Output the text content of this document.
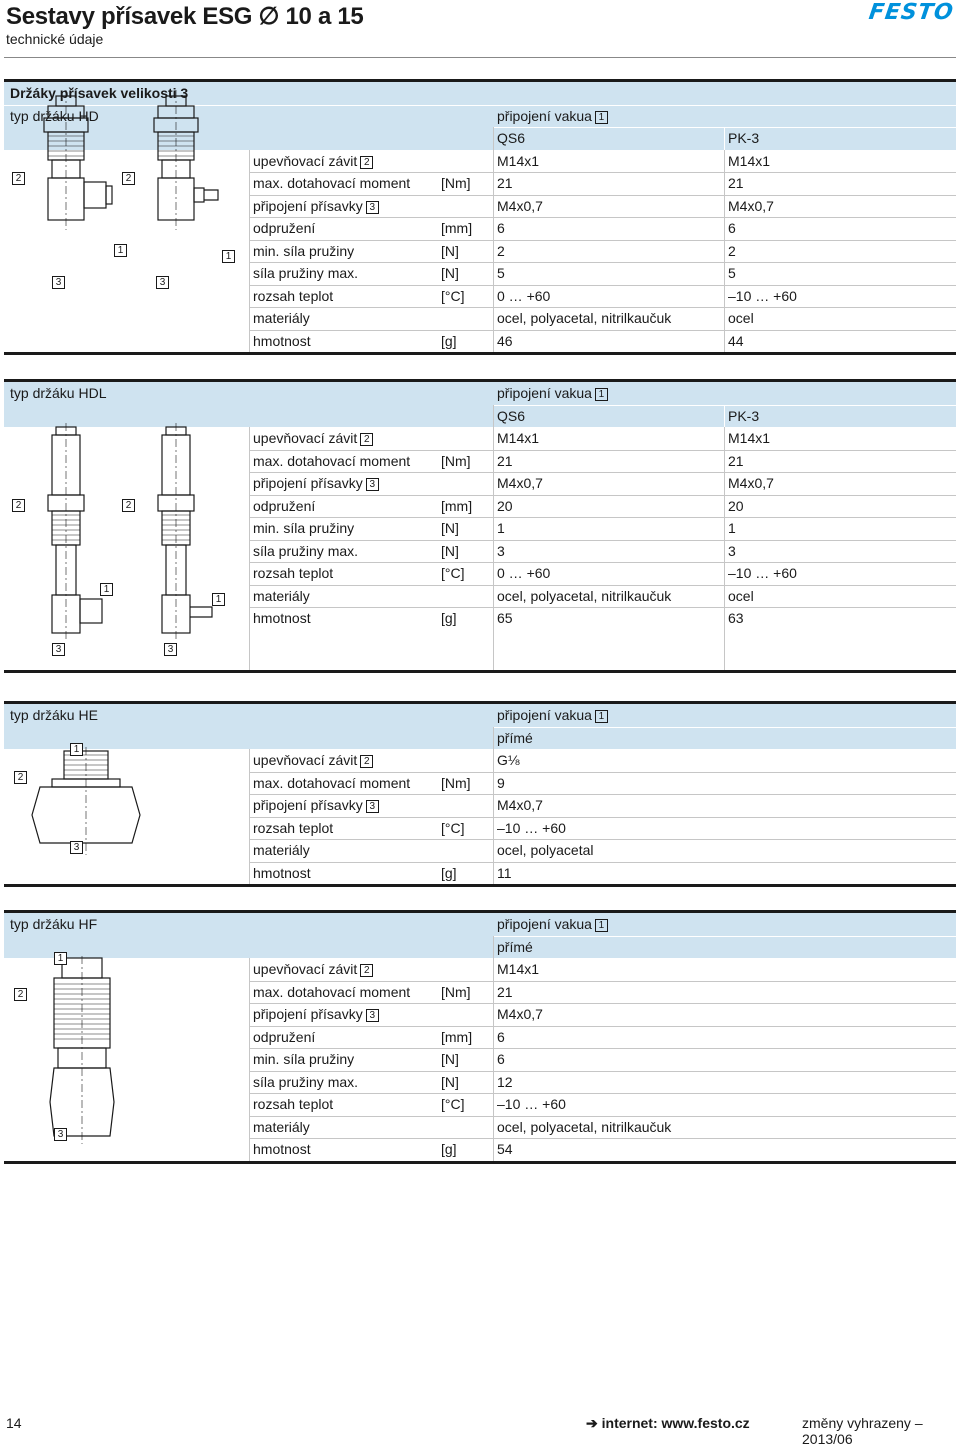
Sestavy přísavek ESG ∅ 10 a 15
technické údaje
FESTO
Držáky přísavek velikosti 3
typ držáku HD	připojení vakua 1
QS6	PK-3
upevňovací závit 2	M14x1	M14x1
max. dotahovací moment [Nm] 21	21
připojení přísavky 3	M4x0,7	M4x0,7
odpružení	[mm] 6	6
min. síla pružiny	[N]	2	2
síla pružiny max.	[N]	5	5
rozsah teplot	[°C] 0 … +60	–10 … +60
materiály	ocel, polyacetal, nitrilkaučuk	ocel
hmotnost	[g]	46	44
2	2
1
1
3	3
typ držáku HDL	připojení vakua 1
QS6	PK-3
upevňovací závit 2	M14x1	M14x1
max. dotahovací moment [Nm] 21	21
připojení přísavky 3	M4x0,7	M4x0,7
odpružení	[mm] 20	20
min. síla pružiny	[N]	1	1
síla pružiny max.	[N]	3	3
rozsah teplot	[°C] 0 … +60	–10 … +60
materiály	ocel, polyacetal, nitrilkaučuk	ocel
hmotnost	[g]	65	63
2	2
1
1
3	3
typ držáku HE	připojení vakua 1
přímé
upevňovací závit 2	G⅛
max. dotahovací moment [Nm] 9
připojení přísavky 3	M4x0,7
rozsah teplot	[°C] –10 … +60
materiály	ocel, polyacetal
hmotnost	[g]	11
1
2
3
typ držáku HF	připojení vakua 1
přímé
upevňovací závit 2	M14x1
max. dotahovací moment [Nm] 21
připojení přísavky 3	M4x0,7
odpružení	[mm] 6
min. síla pružiny	[N]	6
síla pružiny max.	[N]	12
rozsah teplot	[°C] –10 … +60
materiály	ocel, polyacetal, nitrilkaučuk
hmotnost	[g]	54
1
2
3
14	➔ internet: www.festo.cz	změny vyhrazeny – 2013/06
